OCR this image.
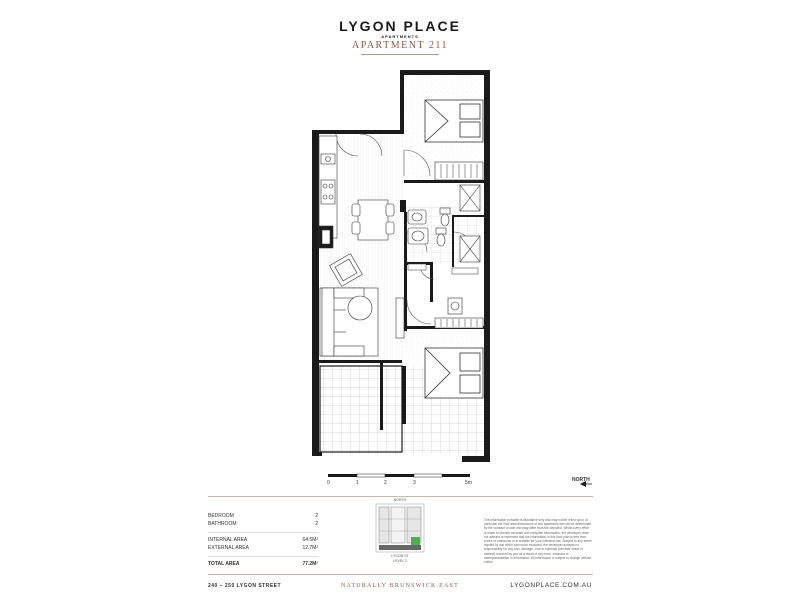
LYGON PLACE
APARTMENTS
APARTMENT 211
0	1	2	3	5m	NORTH
BEDROOM	2
BATHROOM	2
INTERNAL AREA	64.5M²
EXTERNAL AREA	12.7M²
TOTAL AREA	77.2M²
NORTH
LYGON ST
LEVEL 2
The information provided is illustrative only and may not be relied upon. In particular the final area dimensions of any apartment and will be determined by the contract of sale and may differ from the depicted. Whilst every effort is made to provide accurate and complete information, the developer does not warrant or represent that the information in this floor plan is free from errors or omissions or is suitable for your intended use. Subject to any terms implied by law which cannot be excluded, the developer accepts no responsibility for any loss, damage, cost or expense (whether direct or indirect) incurred by you as a result of any error, omission or misrepresentation in information. All information is subject to change without notice.
240 – 250 LYGON STREET	NATURALLY BRUNSWICK EAST	LYGONPLACE.COM.AU
